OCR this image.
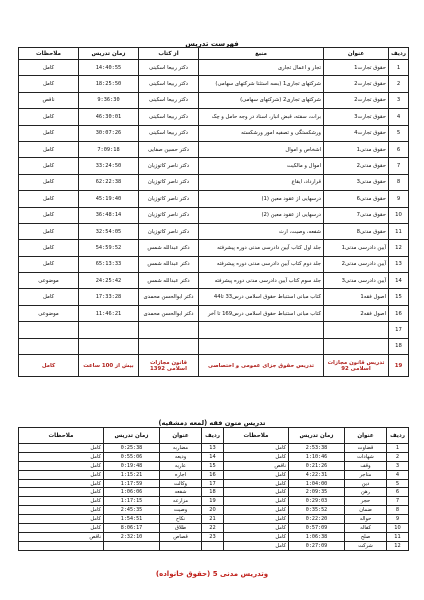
فهرست تدریس
ردیف	عنوان	منبع	از کتاب	زمان تدریس	ملاحظات
1	حقوق تجارت1	تجار و اعمال تجاری	دکتر ربیعا اسکینی	14:40:55	کامل
2	حقوق تجارت2	شرکتهای تجاری1 (بسه استثنا شرکتهای سهامی)	دکتر ربیعا اسکینی	18:25:50	کامل
3	حقوق تجارت2	شرکتهای تجاری2 (شرکتهای سهامی)	دکتر ربیعا اسکینی	9:36:30	ناقص
4	حقوق تجارت3	برات، سفته، قبض انبار، اسناد در وجه حامل و چک	دکتر ربیعا اسکینی	46:30:01	کامل
5	حقوق تجارت4	ورشکستگی و تصفیه امور ورشکسته	دکتر ربیعا اسکینی	30:07:26	کامل
6	حقوق مدنی1	اشخاص و اموال	دکتر حسین صفایی	7:09:18	کامل
7	حقوق مدنی2	اموال و مالکیت	دکتر ناصر کاتوزیان	33:24:50	کامل
8	حقوق مدنی3	قرارداد، ایقاع	دکتر ناصر کاتوزیان	62:22:38	کامل
9	حقوق مدنی6	درسهایی از عقود معین (1)	دکتر ناصر کاتوزیان	45:19:40	کامل
10	حقوق مدنی7	درسهایی از عقود معین (2)	دکتر ناصر کاتوزیان	36:48:14	کامل
11	حقوق مدنی8	شفعه، وصیت، ارث	دکتر ناصر کاتوزیان	32:54:05	کامل
12	آیین دادرسی مدنی1	جلد اول کتاب آیین دادرسی مدنی دوره پیشرفته	دکتر عبدالله شمس	54:59:52	کامل
13	آیین دادرسی مدنی2	جلد دوم کتاب آیین دادرسی مدنی دوره پیشرفته	دکتر عبدالله شمس	65:13:33	کامل
14	آیین دادرسی مدنی3	جلد سوم کتاب آیین دادرسی مدنی دوره پیشرفته	دکتر عبدالله شمس	24:25:42	موضوعی
15	اصول فقه1	کتاب مبانی استنباط حقوق اسلامی درس33 تا44	دکتر ابوالحسن محمدی	17:33:28	کامل
16	اصول فقه2	کتاب مبانی استنباط حقوق اسلامی درس169 تا آخر	دکتر ابوالحسن محمدی	11:46:21	موضوعی
17					
18					
19	تدریس قانون مجازات اسلامی 92	تدریس حقوق جزای عمومی و اختصاصی	قانون مجازات اسلامی 1392	بیش از 100 ساعت	کامل
تدریس متون فقه (لمعه دمشقیه)
ردیف	عنوان	زمان تدریس	ملاحظات	ردیف	عنوان	زمان تدریس	ملاحظات
1	قضاوت	2:53:38	کامل	13	مضاربه	0:25:38	کامل
2	شهادات	1:10:46	کامل	14	ودیعه	0:55:06	کامل
3	وقف	0:21:26	ناقص	15	عاریه	0:19:48	کامل
4	متاجر	4:22:31	کامل	16	اجاره	1:15:21	کامل
5	دین	1:04:00	کامل	17	وکالت	1:17:59	کامل
6	رهن	2:09:35	کامل	18	شفعه	1:06:06	کامل
7	حجر	0:29:03	کامل	19	مزارعه	1:17:15	کامل
8	ضمان	0:35:52	کامل	20	وصیت	2:45:35	کامل
9	حواله	0:22:20	کامل	21	نکاح	1:54:51	کامل
10	کفاله	0:57:09	کامل	22	طلاق	8:06:17	کامل
11	صلح	1:06:38	کامل	23	قصاص	2:32:10	ناقص
12	شرکت	0:27:09	کامل				
وتدریس مدنی 5 (حقوق خانواده)
